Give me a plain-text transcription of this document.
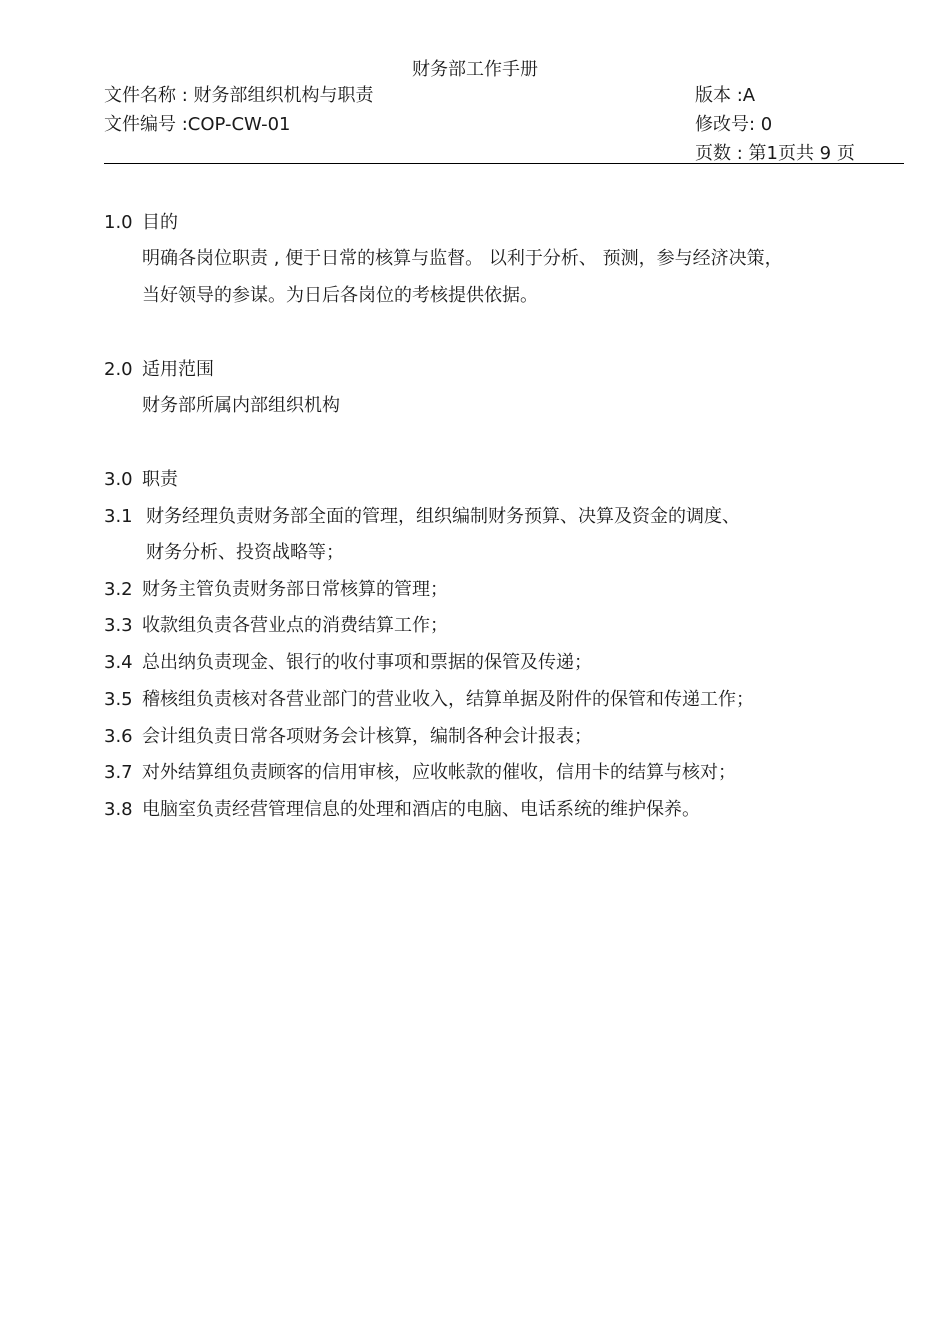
财务部工作手册
文件名称 : 财务部组织机构与职责	版本 :A
文件编号 :COP-CW-01	修改号: 0
页数 : 第1页共 9 页
1.0 目的
明确各岗位职责 , 便于日常的核算与监督。 以利于分析、 预测，参与经济决策，
当好领导的参谋。为日后各岗位的考核提供依据。
2.0 适用范围
财务部所属内部组织机构
3.0 职责
3.1 财务经理负责财务部全面的管理，组织编制财务预算、决算及资金的调度、
财务分析、投资战略等；
3.2 财务主管负责财务部日常核算的管理；
3.3 收款组负责各营业点的消费结算工作；
3.4 总出纳负责现金、银行的收付事项和票据的保管及传递；
3.5 稽核组负责核对各营业部门的营业收入，结算单据及附件的保管和传递工作；
3.6 会计组负责日常各项财务会计核算，编制各种会计报表；
3.7 对外结算组负责顾客的信用审核，应收帐款的催收，信用卡的结算与核对；
3.8 电脑室负责经营管理信息的处理和酒店的电脑、电话系统的维护保养。
